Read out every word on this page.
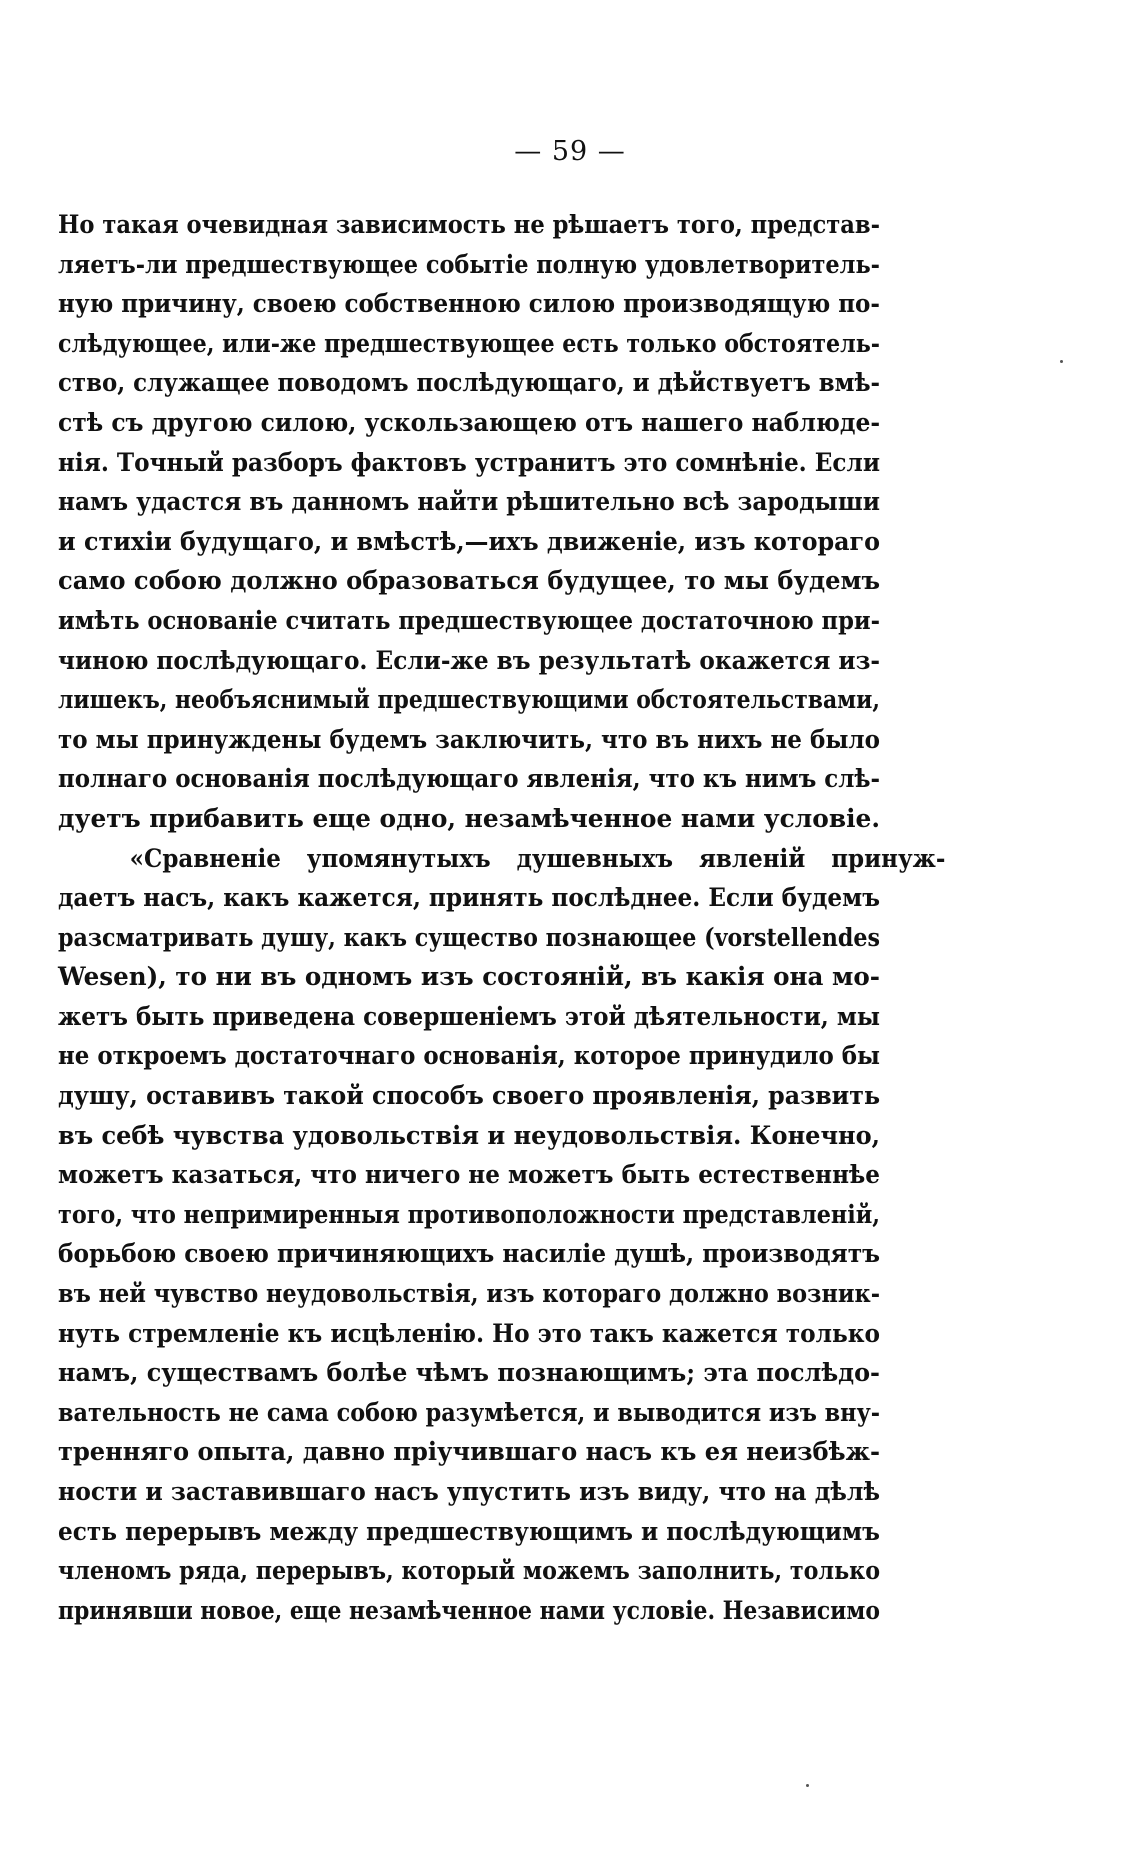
— 59 —
Но такая очевидная зависимость не рѣшаетъ того, представ-
ляетъ-ли предшествующее событіе полную удовлетворитель-
ную причину, своею собственною силою производящую по-
слѣдующее, или-же предшествующее есть только обстоятель-
ство, служащее поводомъ послѣдующаго, и дѣйствуетъ вмѣ-
стѣ съ другою силою, ускользающею отъ нашего наблюде-
нія. Точный разборъ фактовъ устранитъ это сомнѣніе. Если
намъ удастся въ данномъ найти рѣшительно всѣ зародыши
и стихіи будущаго, и вмѣстѣ,—ихъ движеніе, изъ котораго
само собою должно образоваться будущее, то мы будемъ
имѣть основаніе считать предшествующее достаточною при-
чиною послѣдующаго. Если-же въ результатѣ окажется из-
лишекъ, необъяснимый предшествующими обстоятельствами,
то мы принуждены будемъ заключить, что въ нихъ не было
полнаго основанія послѣдующаго явленія, что къ нимъ слѣ-
дуетъ прибавить еще одно, незамѣченное нами условіе.
«Сравненіе упомянутыхъ душевныхъ явленій принуж-
даетъ насъ, какъ кажется, принять послѣднее. Если будемъ
разсматривать душу, какъ существо познающее (vorstellendes
Wesen), то ни въ одномъ изъ состояній, въ какія она мо-
жетъ быть приведена совершеніемъ этой дѣятельности, мы
не откроемъ достаточнаго основанія, которое принудило бы
душу, оставивъ такой способъ своего проявленія, развить
въ себѣ чувства удовольствія и неудовольствія. Конечно,
можетъ казаться, что ничего не можетъ быть естественнѣе
того, что непримиренныя противоположности представленій,
борьбою своею причиняющихъ насиліе душѣ, производятъ
въ ней чувство неудовольствія, изъ котораго должно возник-
нуть стремленіе къ исцѣленію. Но это такъ кажется только
намъ, существамъ болѣе чѣмъ познающимъ; эта послѣдо-
вательность не сама собою разумѣется, и выводится изъ вну-
тренняго опыта, давно пріучившаго насъ къ ея неизбѣж-
ности и заставившаго насъ упустить изъ виду, что на дѣлѣ
есть перерывъ между предшествующимъ и послѣдующимъ
членомъ ряда, перерывъ, который можемъ заполнить, только
принявши новое, еще незамѣченное нами условіе. Независимо
